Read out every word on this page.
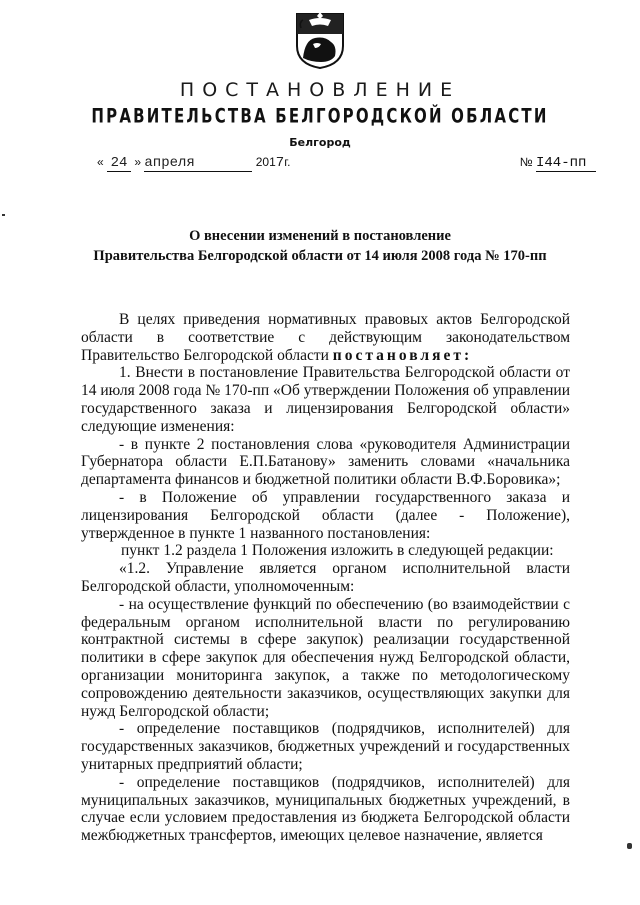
ПОСТАНОВЛЕНИЕ
ПРАВИТЕЛЬСТВА БЕЛГОРОДСКОЙ ОБЛАСТИ
Белгород
« 24 » апреля	2017г.	№ I44-пп
О внесении изменений в постановление
Правительства Белгородской области от 14 июля 2008 года № 170-пп

В целях приведения нормативных правовых актов Белгородской области в соответствие с действующим законодательством Правительство Белгородской области постановляет:

1. Внести в постановление Правительства Белгородской области от 14 июля 2008 года № 170-пп «Об утверждении Положения об управлении государственного заказа и лицензирования Белгородской области» следующие изменения:

- в пункте 2 постановления слова «руководителя Администрации Губернатора области Е.П.Батанову» заменить словами «начальника департамента финансов и бюджетной политики области В.Ф.Боровика»;

- в Положение об управлении государственного заказа и лицензирования Белгородской области (далее - Положение), утвержденное в пункте 1 названного постановления:

пункт 1.2 раздела 1 Положения изложить в следующей редакции:

«1.2. Управление является органом исполнительной власти Белгородской области, уполномоченным:

- на осуществление функций по обеспечению (во взаимодействии с федеральным органом исполнительной власти по регулированию контрактной системы в сфере закупок) реализации государственной политики в сфере закупок для обеспечения нужд Белгородской области, организации мониторинга закупок, а также по методологическому сопровождению деятельности заказчиков, осуществляющих закупки для нужд Белгородской области;

- определение поставщиков (подрядчиков, исполнителей) для государственных заказчиков, бюджетных учреждений и государственных унитарных предприятий области;

- определение поставщиков (подрядчиков, исполнителей) для муниципальных заказчиков, муниципальных бюджетных учреждений, в случае если условием предоставления из бюджета Белгородской области межбюджетных трансфертов, имеющих целевое назначение, является
